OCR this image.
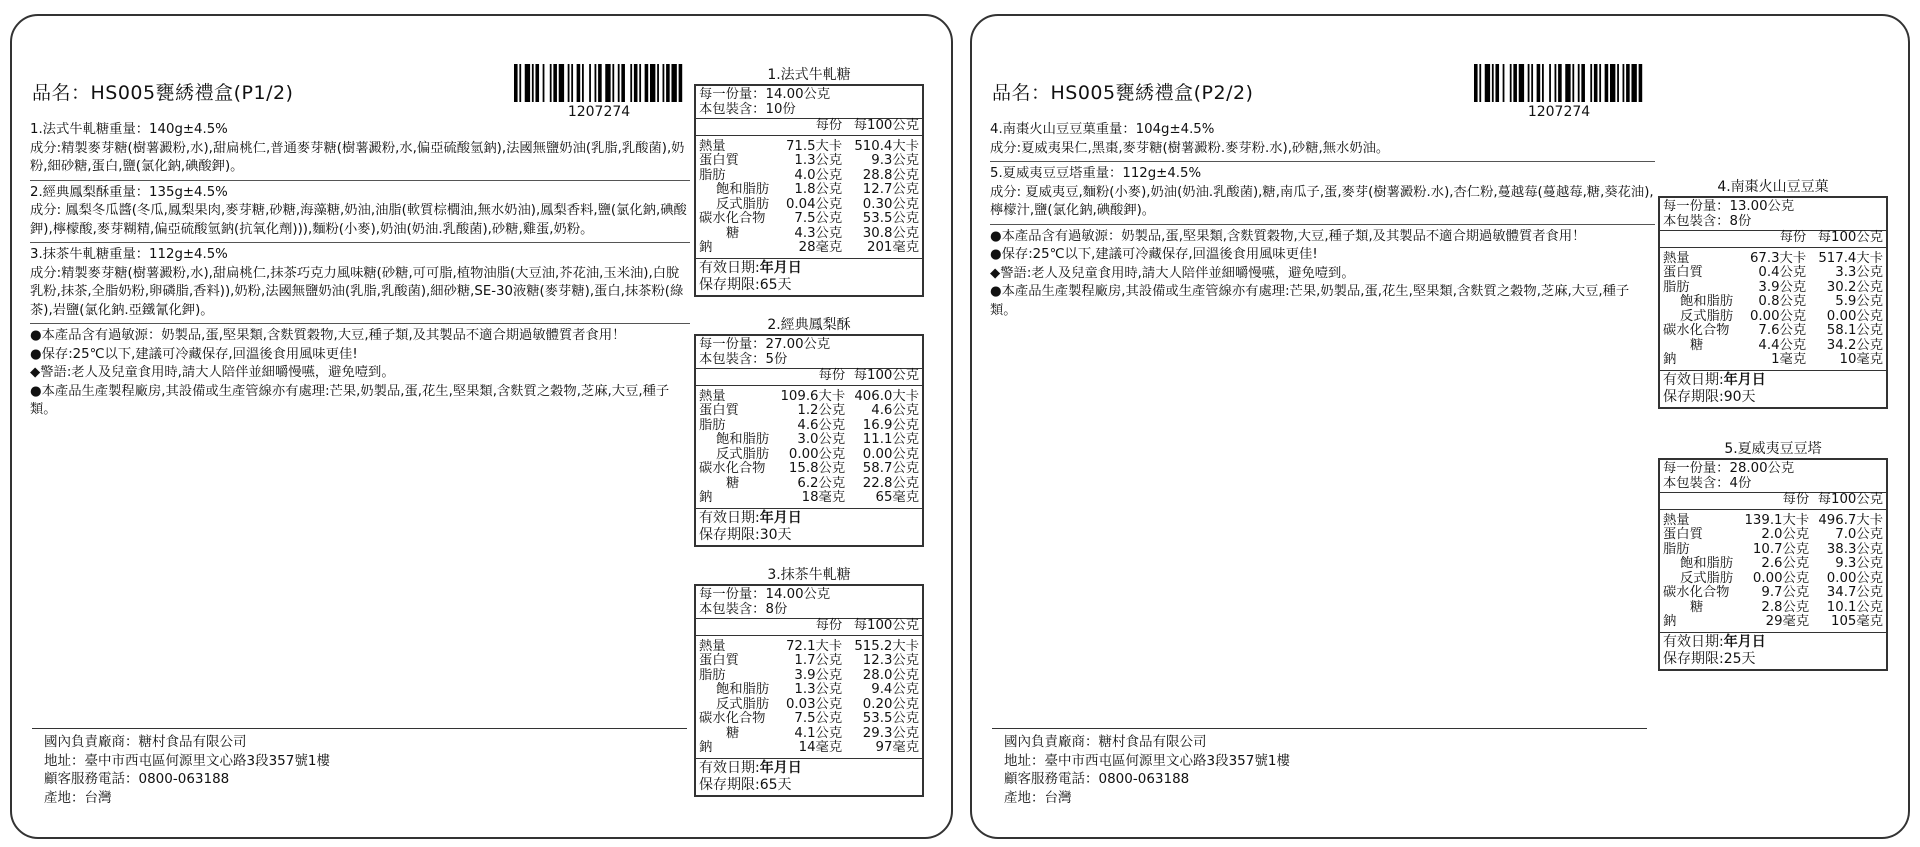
品名：HS005甕綉禮盒(P1/2)
1207274
1.法式牛軋糖重量：140g±4.5%
成分:精製麥芽糖(樹薯澱粉,水),甜扁桃仁,普通麥芽糖(樹薯澱粉,水,偏亞硫酸氫鈉),法國無鹽奶油(乳脂,乳酸菌),奶粉,細砂糖,蛋白,鹽(氯化鈉,碘酸鉀)。
2.經典鳳梨酥重量：135g±4.5%
成分: 鳳梨冬瓜醬(冬瓜,鳳梨果肉,麥芽糖,砂糖,海藻糖,奶油,油脂(軟質棕櫚油,無水奶油),鳳梨香料,鹽(氯化鈉,碘酸鉀),檸檬酸,麥芽糊精,偏亞硫酸氫鈉(抗氧化劑))),麵粉(小麥),奶油(奶油.乳酸菌),砂糖,雞蛋,奶粉。
3.抹茶牛軋糖重量：112g±4.5%
成分:精製麥芽糖(樹薯澱粉,水),甜扁桃仁,抹茶巧克力風味糖(砂糖,可可脂,植物油脂(大豆油,芥花油,玉米油),白脫乳粉,抹茶,全脂奶粉,卵磷脂,香料)),奶粉,法國無鹽奶油(乳脂,乳酸菌),細砂糖,SE-30液糖(麥芽糖),蛋白,抹茶粉(綠茶),岩鹽(氯化鈉.亞鐵氰化鉀)。
●本產品含有過敏源：奶製品,蛋,堅果類,含麩質穀物,大豆,種子類,及其製品不適合期過敏體質者食用！
●保存:25℃以下,建議可冷藏保存,回溫後食用風味更佳!
◆警語:老人及兒童食用時,請大人陪伴並細嚼慢嚥，避免噎到。
●本產品生產製程廠房,其設備或生產管線亦有處理:芒果,奶製品,蛋,花生,堅果類,含麩質之穀物,芝麻,大豆,種子類。
1.法式牛軋糖
每一份量：14.00公克
本包裝含：10份
	每份	每100公克
熱量	71.5大卡	510.4大卡
蛋白質	1.3公克	9.3公克
脂肪	4.0公克	28.8公克
飽和脂肪	1.8公克	12.7公克
反式脂肪	0.04公克	0.30公克
碳水化合物	7.5公克	53.5公克
糖	4.3公克	30.8公克
鈉	28毫克	201毫克
有效日期:年月日
保存期限:65天
2.經典鳳梨酥
每一份量：27.00公克
本包裝含：5份
	每份	每100公克
熱量	109.6大卡	406.0大卡
蛋白質	1.2公克	4.6公克
脂肪	4.6公克	16.9公克
飽和脂肪	3.0公克	11.1公克
反式脂肪	0.00公克	0.00公克
碳水化合物	15.8公克	58.7公克
糖	6.2公克	22.8公克
鈉	18毫克	65毫克
有效日期:年月日
保存期限:30天
3.抹茶牛軋糖
每一份量：14.00公克
本包裝含：8份
	每份	每100公克
熱量	72.1大卡	515.2大卡
蛋白質	1.7公克	12.3公克
脂肪	3.9公克	28.0公克
飽和脂肪	1.3公克	9.4公克
反式脂肪	0.03公克	0.20公克
碳水化合物	7.5公克	53.5公克
糖	4.1公克	29.3公克
鈉	14毫克	97毫克
有效日期:年月日
保存期限:65天
國內負責廠商：糖村食品有限公司
地址：臺中市西屯區何源里文心路3段357號1樓
顧客服務電話：0800-063188
產地：台灣
品名：HS005甕綉禮盒(P2/2)
1207274
4.南棗火山豆豆菓重量：104g±4.5%
成分:夏威夷果仁,黑棗,麥芽糖(樹薯澱粉.麥芽粉.水),砂糖,無水奶油。
5.夏威夷豆豆塔重量：112g±4.5%
成分: 夏威夷豆,麵粉(小麥),奶油(奶油.乳酸菌),糖,南瓜子,蛋,麥芽(樹薯澱粉.水),杏仁粉,蔓越莓(蔓越莓,糖,葵花油),檸檬汁,鹽(氯化鈉,碘酸鉀)。
●本產品含有過敏源：奶製品,蛋,堅果類,含麩質穀物,大豆,種子類,及其製品不適合期過敏體質者食用！
●保存:25℃以下,建議可冷藏保存,回溫後食用風味更佳!
◆警語:老人及兒童食用時,請大人陪伴並細嚼慢嚥，避免噎到。
●本產品生產製程廠房,其設備或生產管線亦有處理:芒果,奶製品,蛋,花生,堅果類,含麩質之穀物,芝麻,大豆,種子類。
4.南棗火山豆豆菓
每一份量：13.00公克
本包裝含：8份
	每份	每100公克
熱量	67.3大卡	517.4大卡
蛋白質	0.4公克	3.3公克
脂肪	3.9公克	30.2公克
飽和脂肪	0.8公克	5.9公克
反式脂肪	0.00公克	0.00公克
碳水化合物	7.6公克	58.1公克
糖	4.4公克	34.2公克
鈉	1毫克	10毫克
有效日期:年月日
保存期限:90天
5.夏威夷豆豆塔
每一份量：28.00公克
本包裝含：4份
	每份	每100公克
熱量	139.1大卡	496.7大卡
蛋白質	2.0公克	7.0公克
脂肪	10.7公克	38.3公克
飽和脂肪	2.6公克	9.3公克
反式脂肪	0.00公克	0.00公克
碳水化合物	9.7公克	34.7公克
糖	2.8公克	10.1公克
鈉	29毫克	105毫克
有效日期:年月日
保存期限:25天
國內負責廠商：糖村食品有限公司
地址：臺中市西屯區何源里文心路3段357號1樓
顧客服務電話：0800-063188
產地：台灣
